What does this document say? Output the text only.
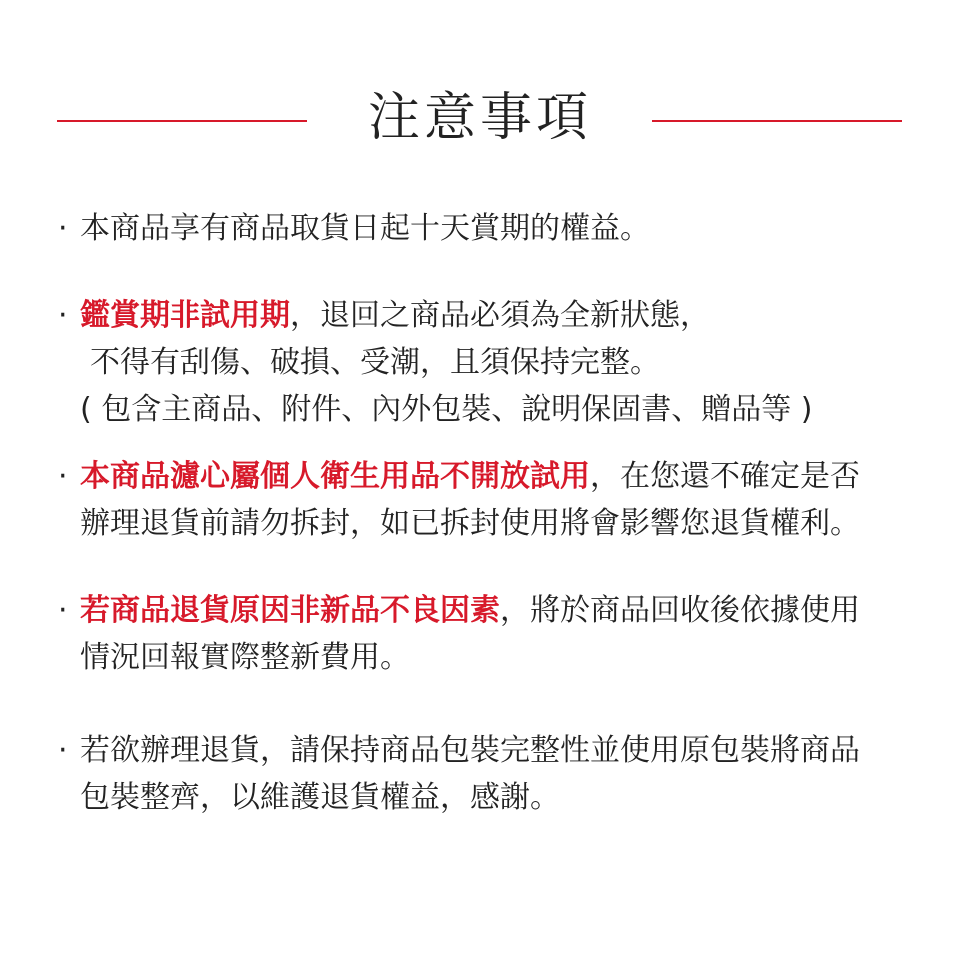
注意事項
· 本商品享有商品取貨日起十天賞期的權益。
· 鑑賞期非試用期，退回之商品必須為全新狀態，
不得有刮傷、破損、受潮，且須保持完整。
( 包含主商品、附件、內外包裝、說明保固書、贈品等 )
· 本商品濾心屬個人衛生用品不開放試用，在您還不確定是否
辦理退貨前請勿拆封，如已拆封使用將會影響您退貨權利。
· 若商品退貨原因非新品不良因素，將於商品回收後依據使用
情況回報實際整新費用。
· 若欲辦理退貨，請保持商品包裝完整性並使用原包裝將商品
包裝整齊，以維護退貨權益，感謝。
